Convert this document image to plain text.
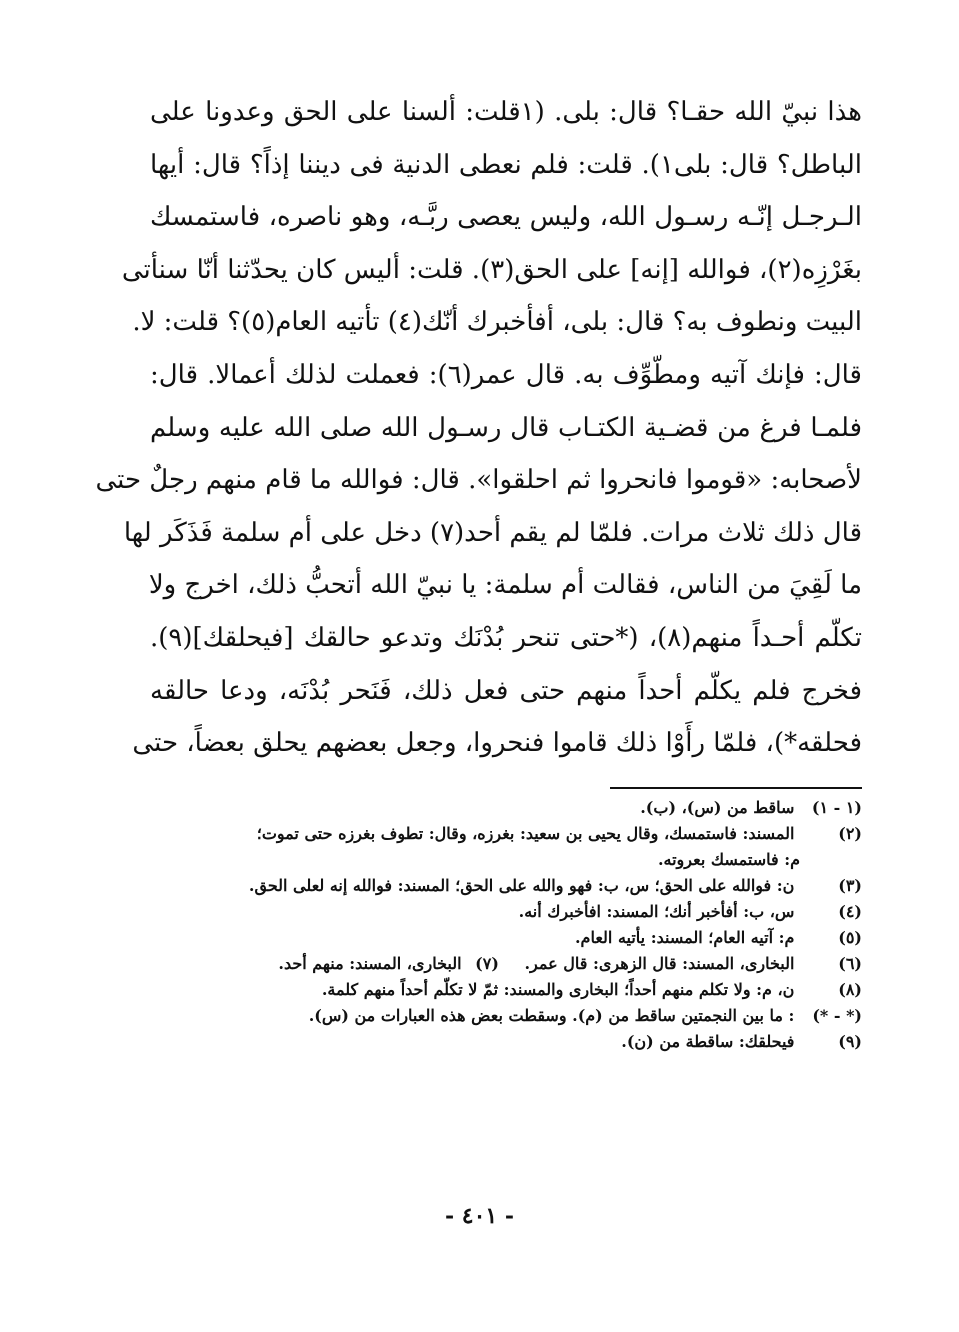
هذا نبيّ الله حقـا؟ قال: بلى. (١قلت: ألسنا على الحق وعدونا على
الباطل؟ قال: بلى١). قلت: فلم نعطى الدنية فى ديننا إذاً؟ قال: أيها
الـرجـل إنّـه رسـول الله، وليس يعصى ربَّـه، وهو ناصره، فاستمسك
بغَرْزِه(٢)، فوالله [إنه] على الحق(٣). قلت: أليس كان يحدّثنا أنّا سنأتى
البيت ونطوف به؟ قال: بلى، أفأخبرك أنّك(٤) تأتيه العام(٥)؟ قلت: لا.
قال: فإنك آتيه ومطّوِّف به. قال عمر(٦): فعملت لذلك أعمالا. قال:
فلمـا فرغ من قضـية الكتـاب قال رسـول الله صلى الله عليه وسلم
لأصحابه: «قوموا فانحروا ثم احلقوا». قال: فوالله ما قام منهم رجلٌ حتى
قال ذلك ثلاث مرات. فلمّا لم يقم أحد(٧) دخل على أم سلمة فَذَكَر لها
ما لَقِيَ من الناس، فقالت أم سلمة: يا نبيّ الله أتحبُّ ذلك، اخرج ولا
تكلّم أحـداً منهم(٨)، (*حتى تنحر بُدْنَك وتدعو حالقك [فيحلقك](٩).
فخرج فلم يكلّم أحداً منهم حتى فعل ذلك، فَنَحر بُدْنَه، ودعا حالقه
فحلقه*)، فلمّا رأَوْا ذلك قاموا فنحروا، وجعل بعضهم يحلق بعضاً، حتى
(١ - ١) ساقط من (س)، (ب).
(٢) المسند: فاستمسك، وقال يحيى بن سعيد: بغرزه، وقال: تطوف بغرزه حتى تموت؛
م: فاستمسك بعروته.
(٣) ن: فوالله على الحق؛ س، ب: فهو والله على الحق؛ المسند: فوالله إنه لعلى الحق.
(٤) س، ب: أفأخبر أنك؛ المسند: افأخبرك أنه.
(٥) م: آتيه العام؛ المسند: يأتيه العام.
(٦) البخارى، المسند: قال الزهرى: قال عمر. (٧) البخارى، المسند: منهم أحد.
(٨) ن، م: ولا تكلم منهم أحداً؛ البخارى والمسند: ثمّ لا تكلّم أحداً منهم كلمة.
(* - *) : ما بين النجمتين ساقط من (م). وسقطت بعض هذه العبارات من (س).
(٩) فيحلقك: ساقطة من (ن).
- ٤٠١ -
